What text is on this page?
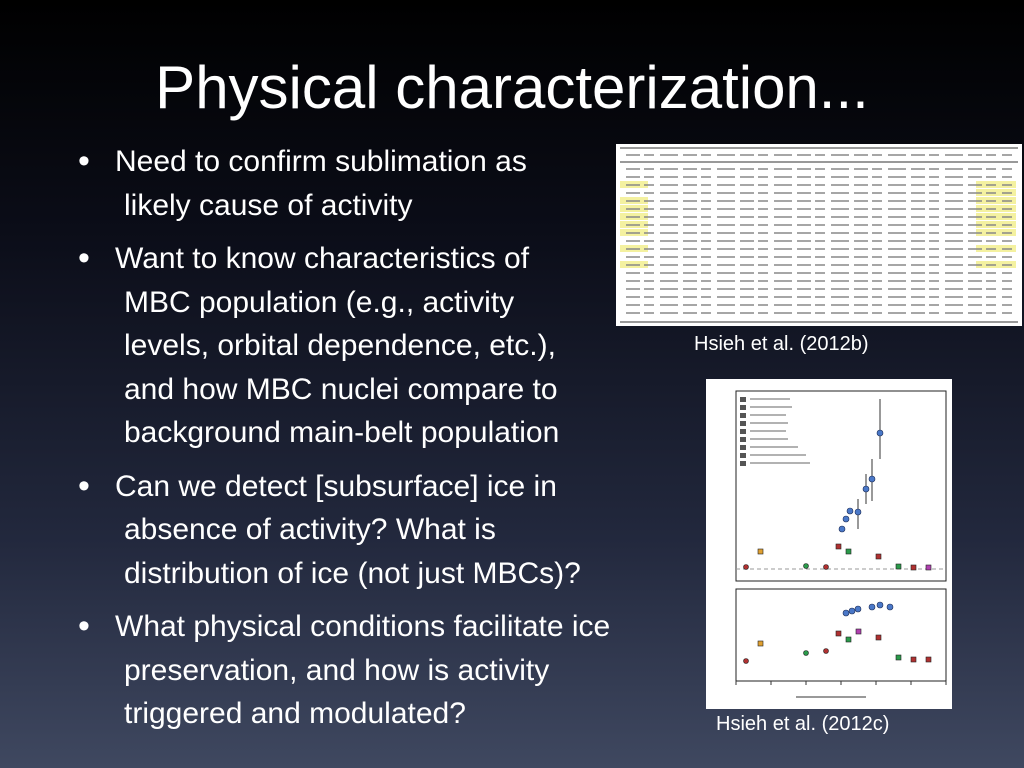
Physical characterization...
• Need to confirm sublimation as
likely cause of activity
• Want to know characteristics of
MBC population (e.g., activity
levels, orbital dependence, etc.),
and how MBC nuclei compare to
background main-belt population
• Can we detect [subsurface] ice in
absence of activity? What is
distribution of ice (not just MBCs)?
• What physical conditions facilitate ice
preservation, and how is activity
triggered and modulated?
Hsieh et al. (2012b)
Hsieh et al. (2012c)
